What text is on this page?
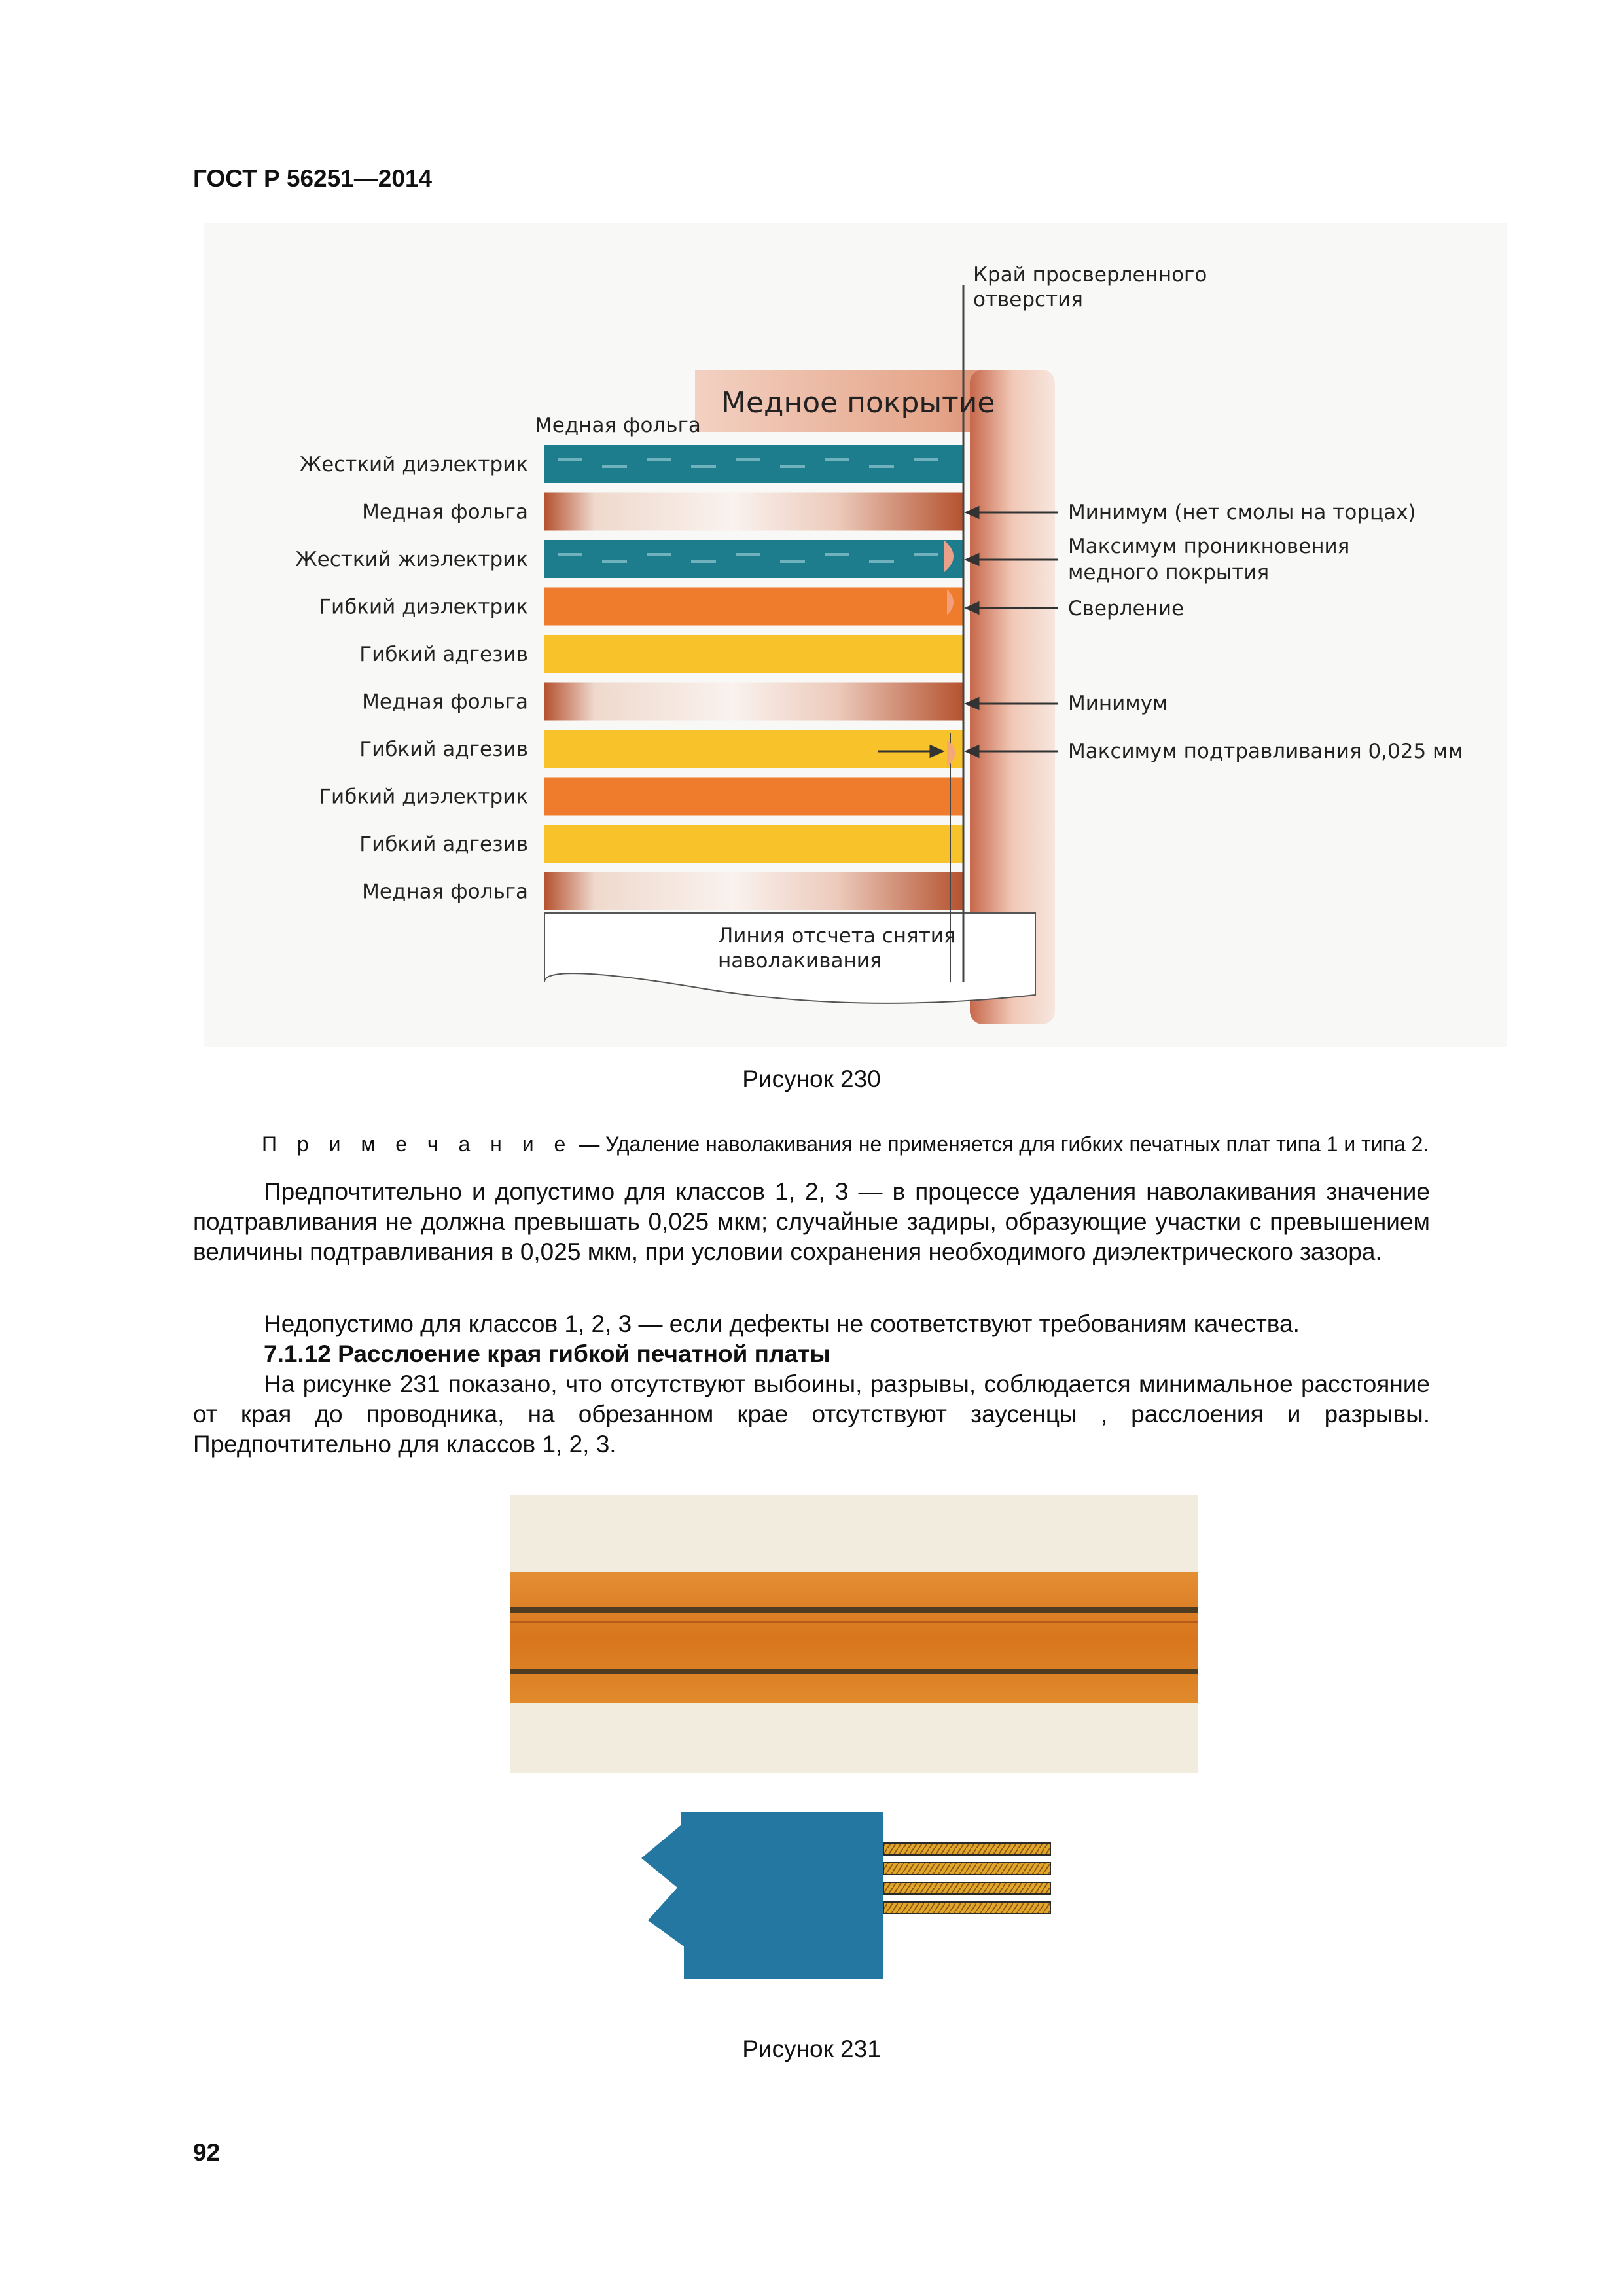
ГОСТ Р 56251—2014
Жесткий диэлектрик
Медная фольга
Жесткий жиэлектрик
Гибкий диэлектрик
Гибкий адгезив
Медная фольга
Гибкий адгезив
Гибкий диэлектрик
Гибкий адгезив
Медная фольга
Край просверленного
отверстия
Медное покрытие
Медная фольга
Минимум (нет смолы на торцах)
Максимум проникновения
медного покрытия
Сверление
Минимум
Максимум подтравливания 0,025 мм
Линия отсчета снятия
наволакивания
Рисунок 230
П р и м е ч а н и е — Удаление наволакивания не применяется для гибких печатных плат типа 1 и типа 2.

Предпочтительно и допустимо для классов 1, 2, 3 — в процессе удаления наволакивания значение подтравливания не должна превышать 0,025 мкм; случайные задиры, образующие участки с превышением величины подтравливания в 0,025 мкм, при условии сохранения необходимого диэлектрического зазора.

Недопустимо для классов 1, 2, 3 — если дефекты не соответствуют требованиям качества.

7.1.12 Расслоение края гибкой печатной платы

На рисунке 231 показано, что отсутствуют выбоины, разрывы, соблюдается минимальное расстояние от края до проводника, на обрезанном крае отсутствуют заусенцы , расслоения и разрывы. Предпочтительно для классов 1, 2, 3.

Рисунок 231
92
